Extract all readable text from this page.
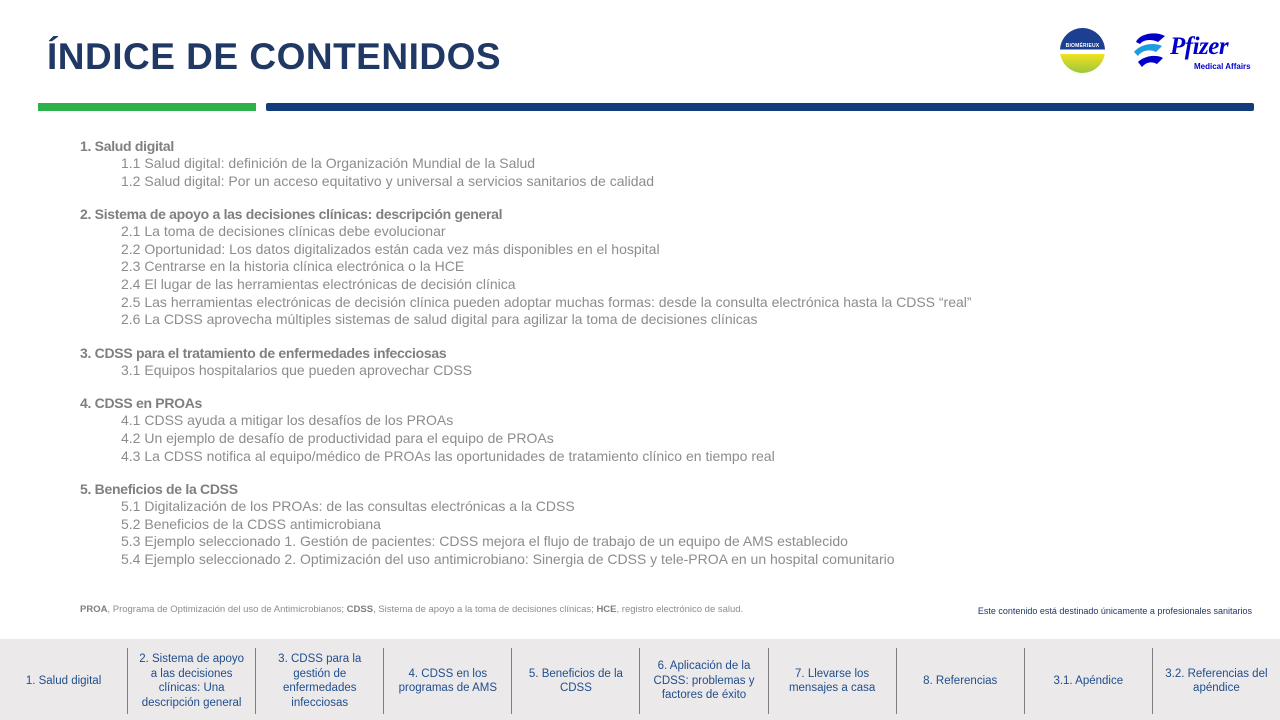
ÍNDICE DE CONTENIDOS	BIOMÉRIEUX	Pfizer
Medical Affairs
1. Salud digital
1.1 Salud digital: definición de la Organización Mundial de la Salud
1.2 Salud digital: Por un acceso equitativo y universal a servicios sanitarios de calidad
2. Sistema de apoyo a las decisiones clínicas: descripción general
2.1 La toma de decisiones clínicas debe evolucionar
2.2 Oportunidad: Los datos digitalizados están cada vez más disponibles en el hospital
2.3 Centrarse en la historia clínica electrónica o la HCE
2.4 El lugar de las herramientas electrónicas de decisión clínica
2.5 Las herramientas electrónicas de decisión clínica pueden adoptar muchas formas: desde la consulta electrónica hasta la CDSS “real”
2.6 La CDSS aprovecha múltiples sistemas de salud digital para agilizar la toma de decisiones clínicas
3. CDSS para el tratamiento de enfermedades infecciosas
3.1 Equipos hospitalarios que pueden aprovechar CDSS
4. CDSS en PROAs
4.1 CDSS ayuda a mitigar los desafíos de los PROAs
4.2 Un ejemplo de desafío de productividad para el equipo de PROAs
4.3 La CDSS notifica al equipo/médico de PROAs las oportunidades de tratamiento clínico en tiempo real
5. Beneficios de la CDSS
5.1 Digitalización de los PROAs: de las consultas electrónicas a la CDSS
5.2 Beneficios de la CDSS antimicrobiana
5.3 Ejemplo seleccionado 1. Gestión de pacientes: CDSS mejora el flujo de trabajo de un equipo de AMS establecido
5.4 Ejemplo seleccionado 2. Optimización del uso antimicrobiano: Sinergia de CDSS y tele-PROA en un hospital comunitario
PROA, Programa de Optimización del uso de Antimicrobianos; CDSS, Sistema de apoyo a la toma de decisiones clínicas; HCE, registro electrónico de salud.	Este contenido está destinado únicamente a profesionales sanitarios
1. Salud digital
2. Sistema de apoyo a las decisiones clínicas: Una descripción general
3. CDSS para la gestión de enfermedades infecciosas
4. CDSS en los programas de AMS
5. Beneficios de la CDSS
6. Aplicación de la CDSS: problemas y factores de éxito
7. Llevarse los mensajes a casa
8. Referencias	3.1. Apéndice
3.2. Referencias del apéndice
